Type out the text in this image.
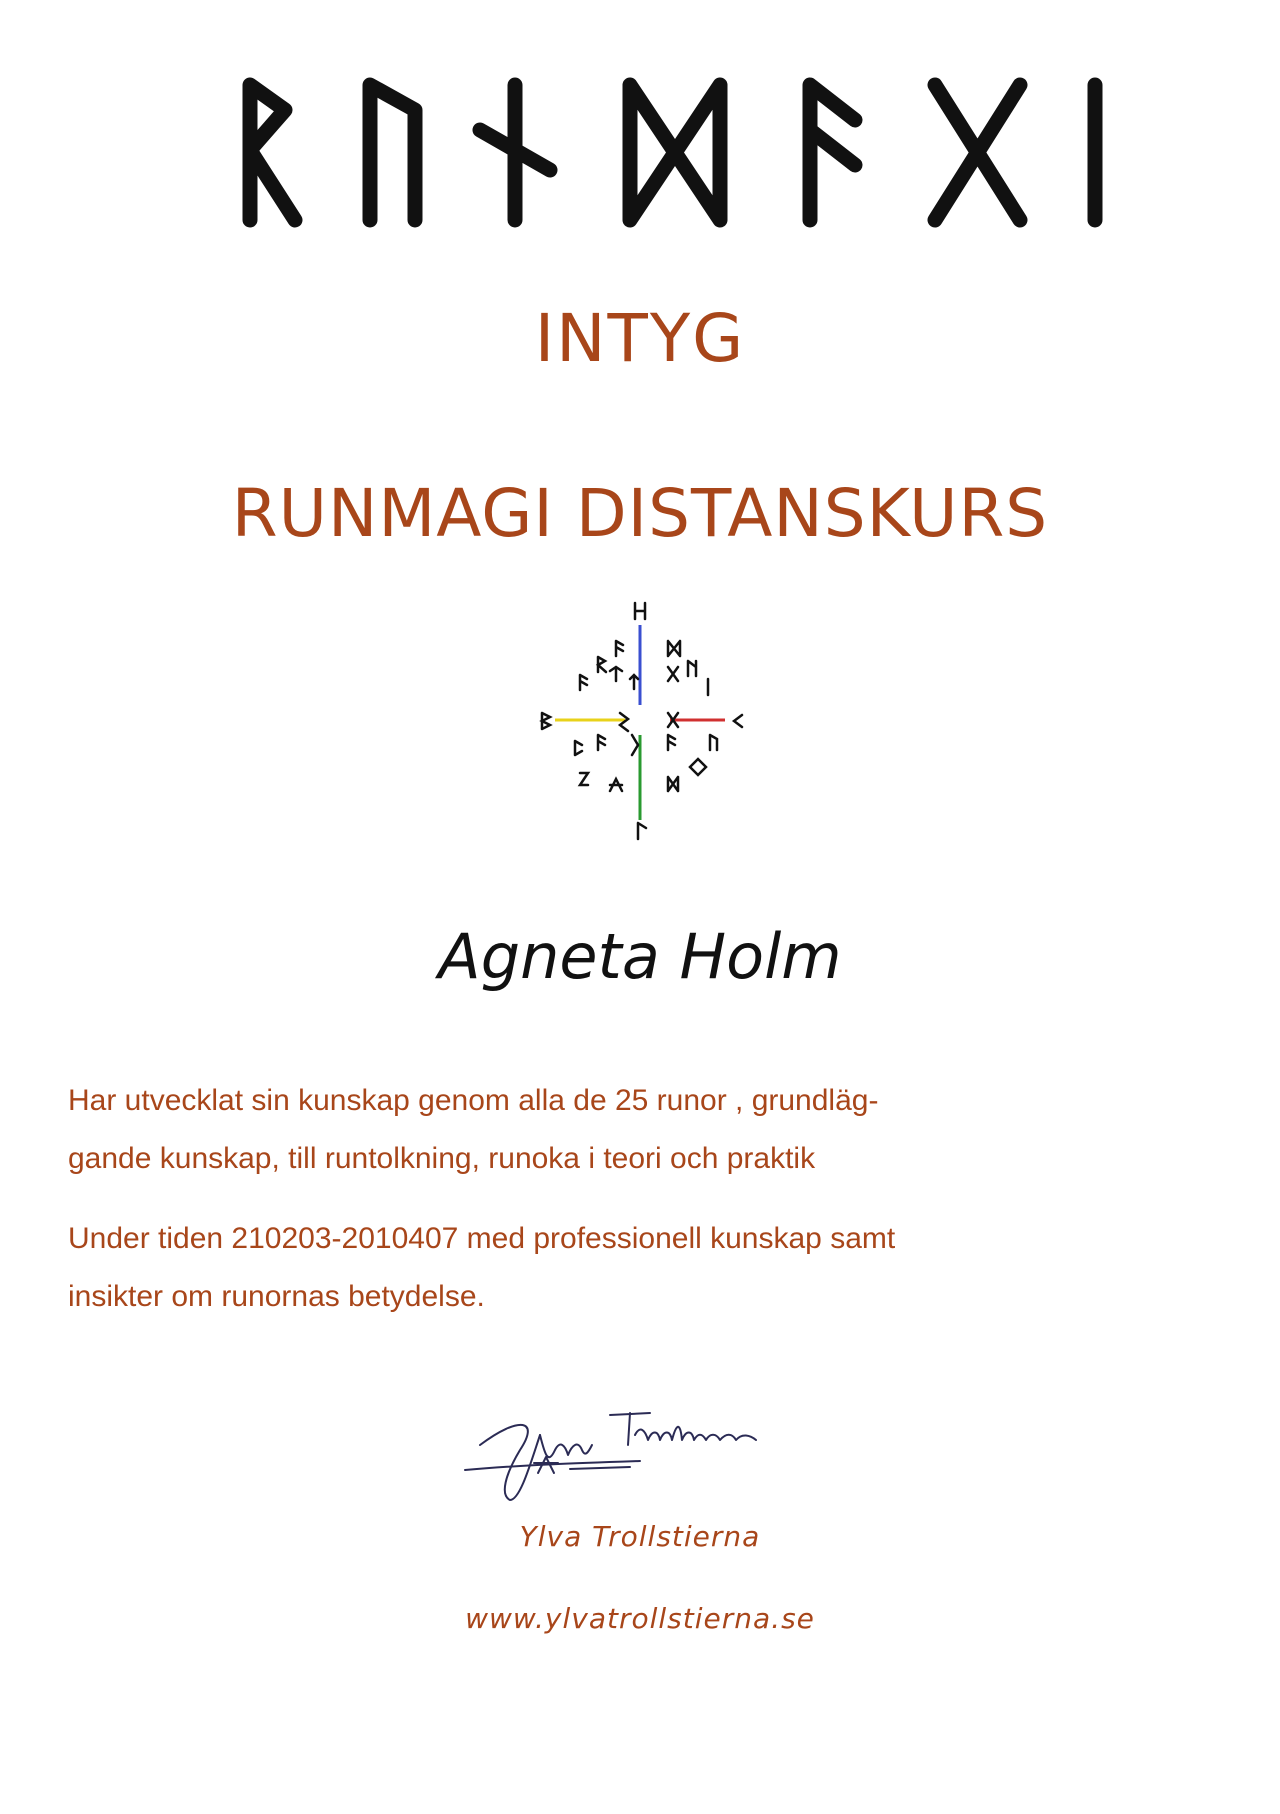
INTYG
RUNMAGI DISTANSKURS
Agneta Holm

Har utvecklat sin kunskap genom alla de 25 runor , grundläg-

gande kunskap, till runtolkning, runoka i teori och praktik

Under tiden 210203-2010407 med professionell kunskap samt

insikter om runornas betydelse.

Ylva Trollstierna
www.ylvatrollstierna.se
